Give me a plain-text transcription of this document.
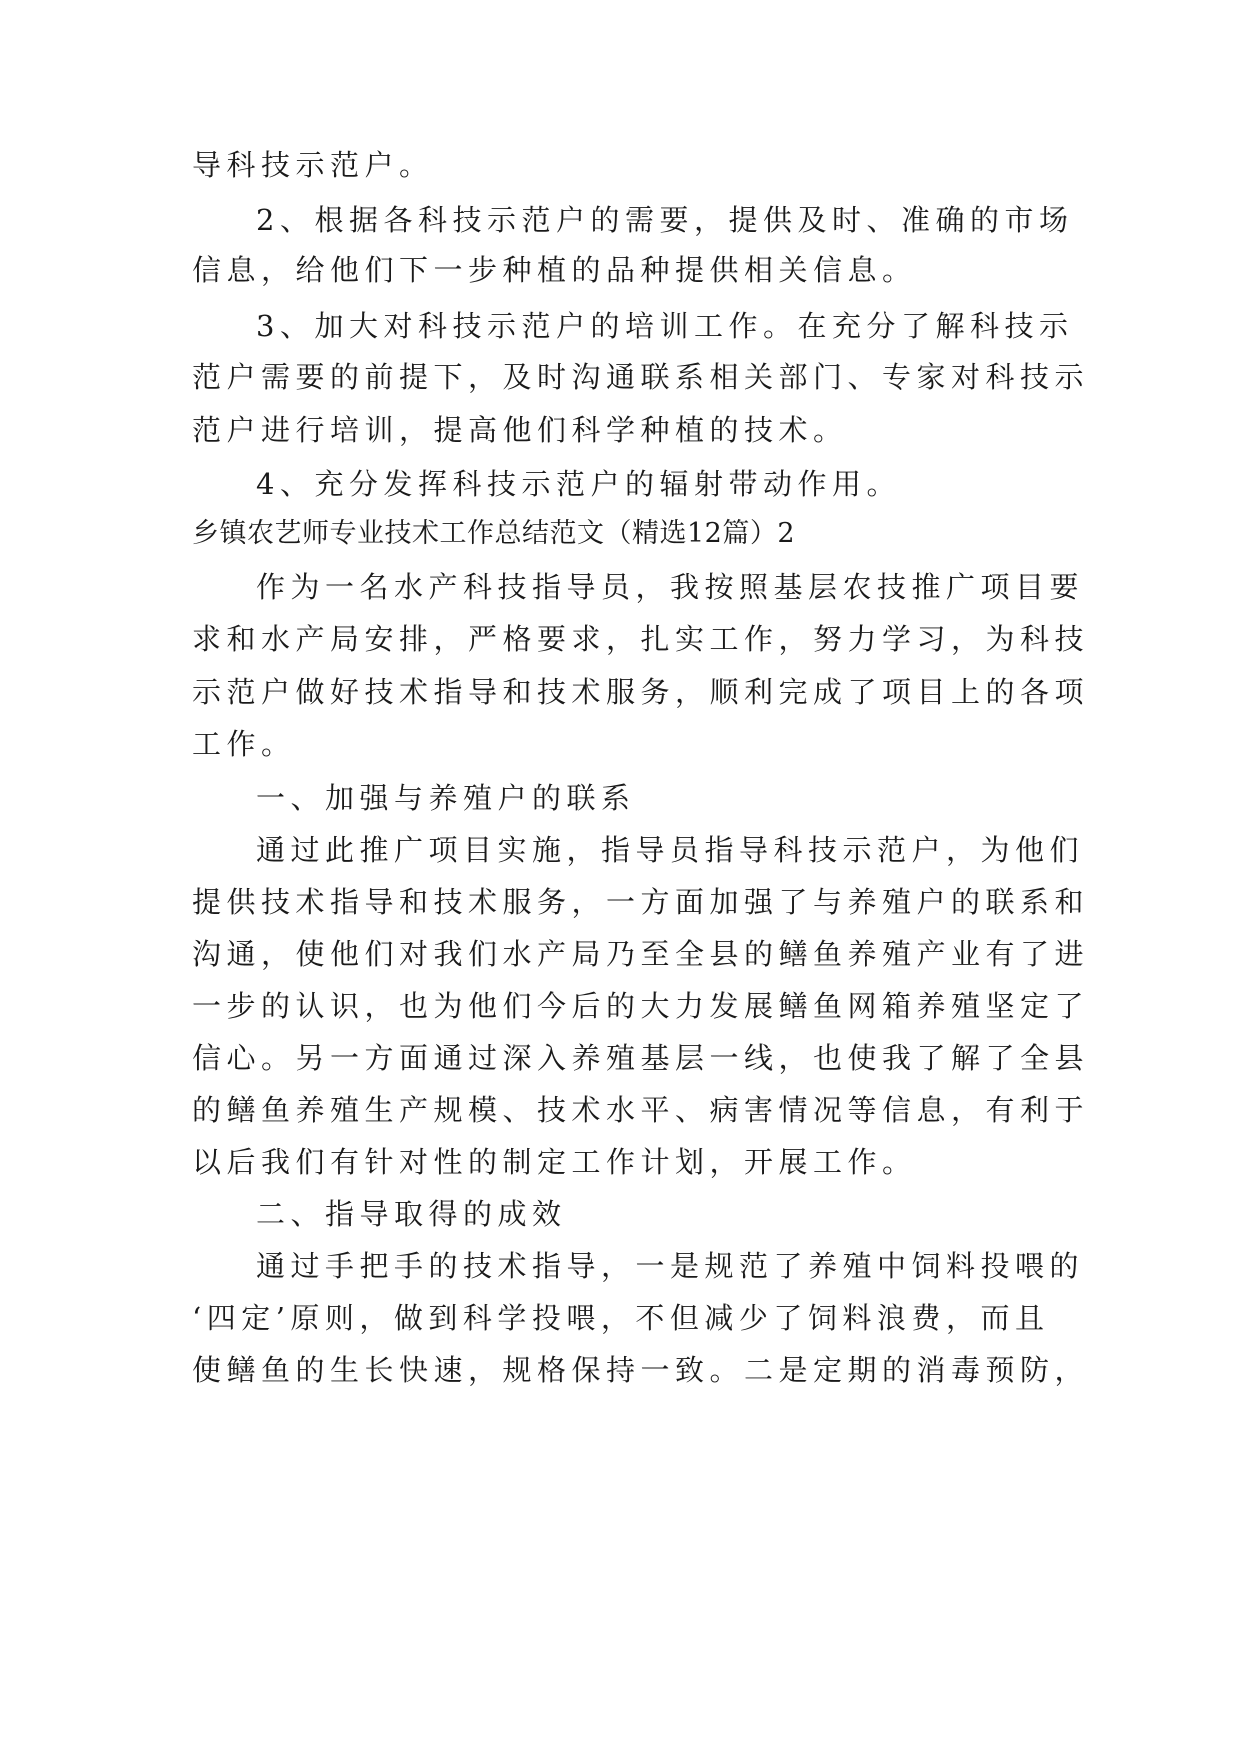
导科技示范户。
2、根据各科技示范户的需要，提供及时、准确的市场
信息，给他们下一步种植的品种提供相关信息。
3、加大对科技示范户的培训工作。在充分了解科技示
范户需要的前提下，及时沟通联系相关部门、专家对科技示
范户进行培训，提高他们科学种植的技术。
4、充分发挥科技示范户的辐射带动作用。
乡镇农艺师专业技术工作总结范文（精选12篇）2
作为一名水产科技指导员，我按照基层农技推广项目要
求和水产局安排，严格要求，扎实工作，努力学习，为科技
示范户做好技术指导和技术服务，顺利完成了项目上的各项
工作。
一、加强与养殖户的联系
通过此推广项目实施，指导员指导科技示范户，为他们
提供技术指导和技术服务，一方面加强了与养殖户的联系和
沟通，使他们对我们水产局乃至全县的鳝鱼养殖产业有了进
一步的认识，也为他们今后的大力发展鳝鱼网箱养殖坚定了
信心。另一方面通过深入养殖基层一线，也使我了解了全县
的鳝鱼养殖生产规模、技术水平、病害情况等信息，有利于
以后我们有针对性的制定工作计划，开展工作。
二、指导取得的成效
通过手把手的技术指导，一是规范了养殖中饲料投喂的
‘四定’原则，做到科学投喂，不但减少了饲料浪费，而且
使鳝鱼的生长快速，规格保持一致。二是定期的消毒预防，
